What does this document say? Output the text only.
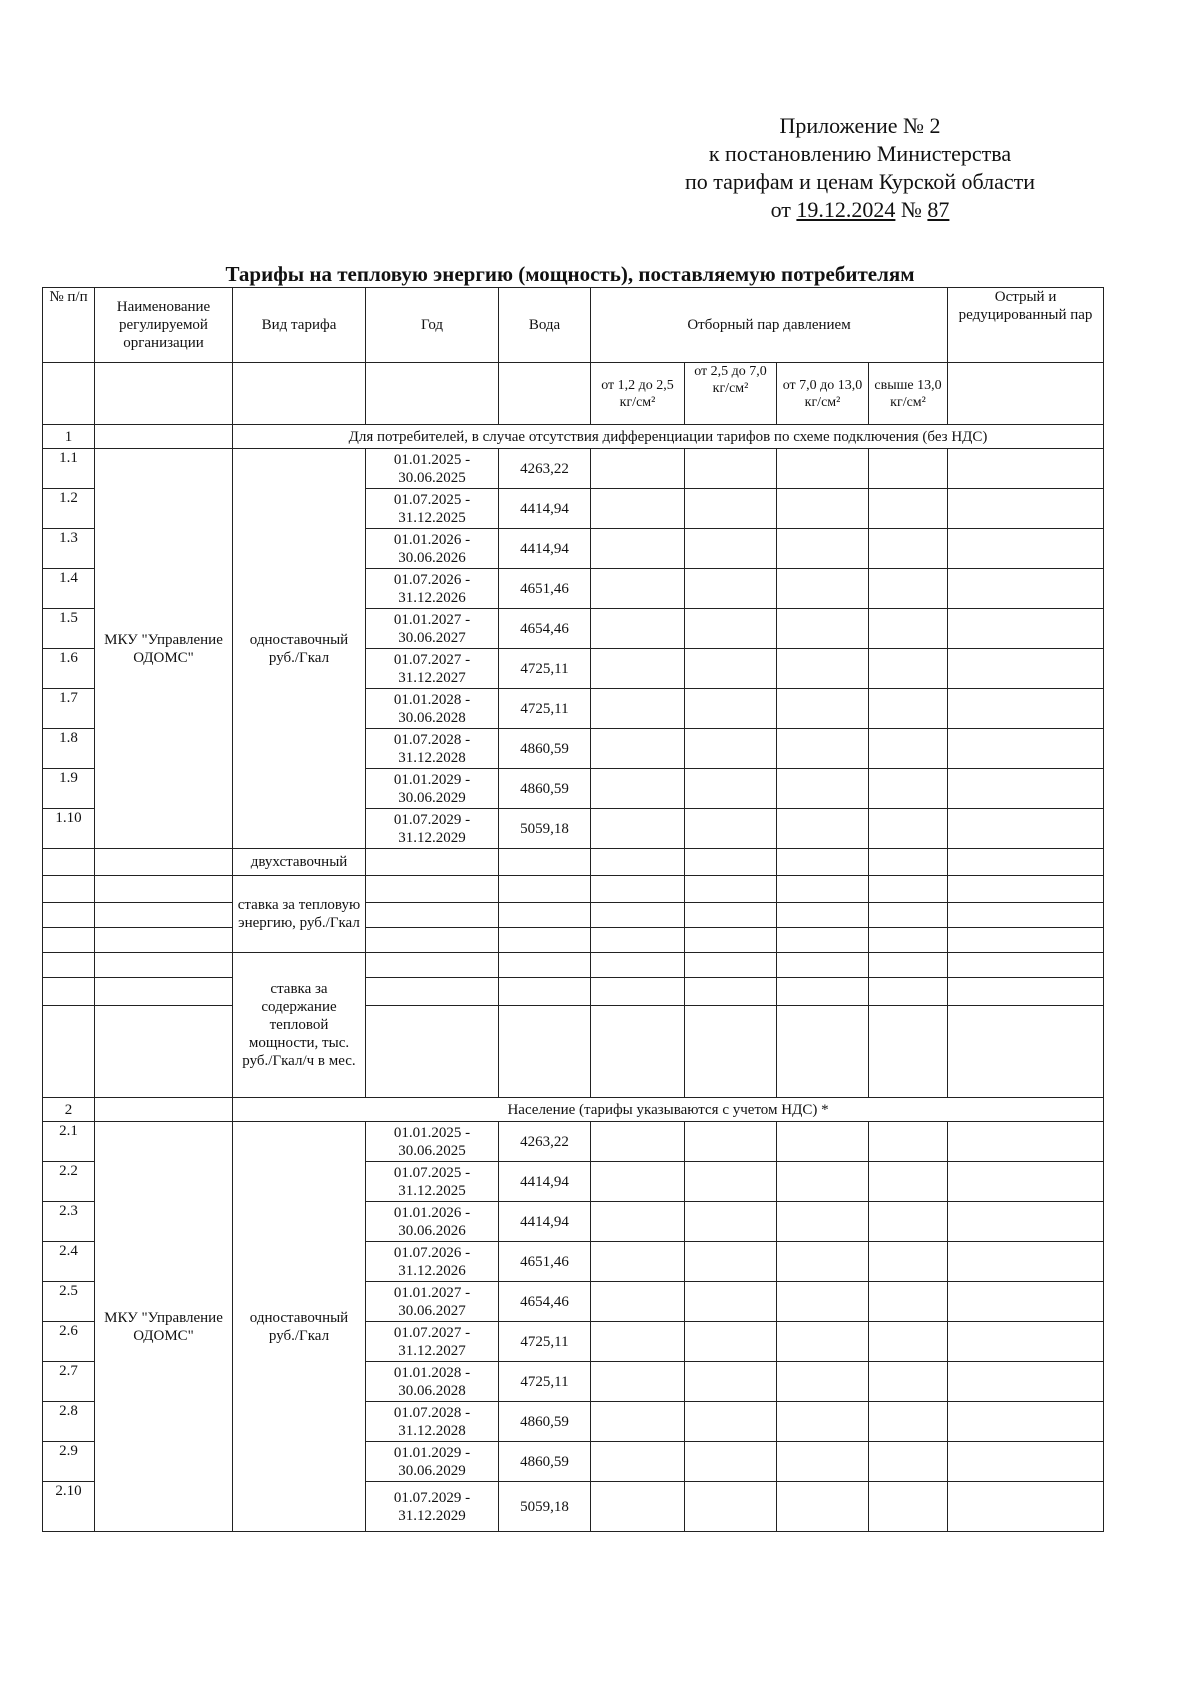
Приложение № 2
к постановлению Министерства
по тарифам и ценам Курской области
от 19.12.2024 № 87
Тарифы на тепловую энергию (мощность), поставляемую потребителям
№ п/п	Наименование регулируемой организации	Вид тарифа	Год	Вода	Отборный пар давлением				Острый и редуцированный пар
					от 1,2 до 2,5 кг/см²	от 2,5 до 7,0 кг/см²	от 7,0 до 13,0 кг/см²	свыше 13,0 кг/см²	
1		Для потребителей, в случае отсутствия дифференциации тарифов по схеме подключения (без НДС)							
1.1	МКУ "Управление ОДОМС"	одноставочный руб./Гкал	01.01.2025 - 30.06.2025	4263,22					
1.2			01.07.2025 - 31.12.2025	4414,94					
1.3			01.01.2026 - 30.06.2026	4414,94					
1.4			01.07.2026 - 31.12.2026	4651,46					
1.5			01.01.2027 - 30.06.2027	4654,46					
1.6			01.07.2027 - 31.12.2027	4725,11					
1.7			01.01.2028 - 30.06.2028	4725,11					
1.8			01.07.2028 - 31.12.2028	4860,59					
1.9			01.01.2029 - 30.06.2029	4860,59					
1.10			01.07.2029 - 31.12.2029	5059,18					
		двухставочный							
		ставка за тепловую энергию, руб./Гкал							

		ставка за содержание тепловой мощности, тыс. руб./Гкал/ч в мес.							

2		Население (тарифы указываются с учетом НДС) *							
2.1	МКУ "Управление ОДОМС"	одноставочный руб./Гкал	01.01.2025 - 30.06.2025	4263,22					
2.2			01.07.2025 - 31.12.2025	4414,94					
2.3			01.01.2026 - 30.06.2026	4414,94					
2.4			01.07.2026 - 31.12.2026	4651,46					
2.5			01.01.2027 - 30.06.2027	4654,46					
2.6			01.07.2027 - 31.12.2027	4725,11					
2.7			01.01.2028 - 30.06.2028	4725,11					
2.8			01.07.2028 - 31.12.2028	4860,59					
2.9			01.01.2029 - 30.06.2029	4860,59					
2.10			01.07.2029 - 31.12.2029	5059,18					
